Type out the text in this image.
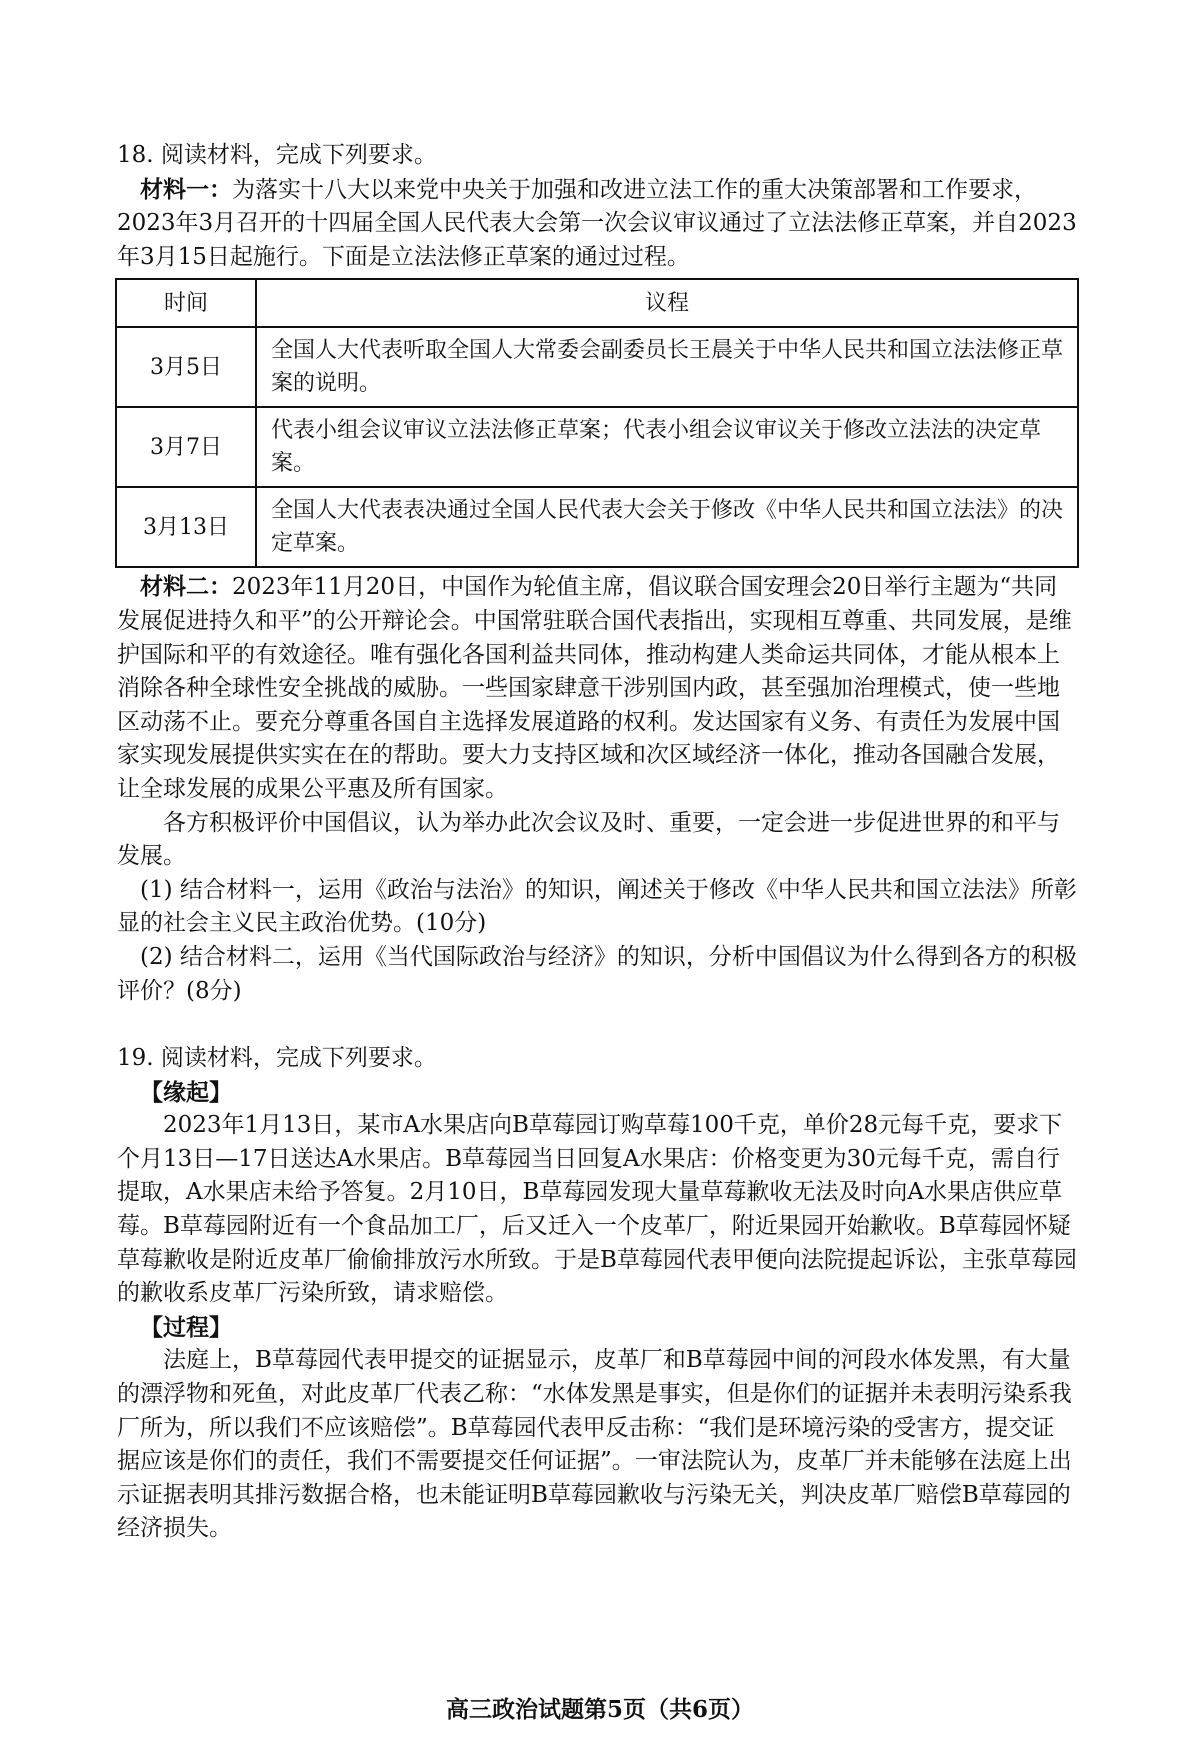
18. 阅读材料，完成下列要求。

材料一：为落实十八大以来党中央关于加强和改进立法工作的重大决策部署和工作要求，2023年3月召开的十四届全国人民代表大会第一次会议审议通过了立法法修正草案，并自2023年3月15日起施行。下面是立法法修正草案的通过过程。

时间	议程
3月5日	全国人大代表听取全国人大常委会副委员长王晨关于中华人民共和国立法法修正草案的说明。
3月7日	代表小组会议审议立法法修正草案；代表小组会议审议关于修改立法法的决定草案。
3月13日	全国人大代表表决通过全国人民代表大会关于修改《中华人民共和国立法法》的决定草案。

材料二：2023年11月20日，中国作为轮值主席，倡议联合国安理会20日举行主题为“共同发展促进持久和平”的公开辩论会。中国常驻联合国代表指出，实现相互尊重、共同发展，是维护国际和平的有效途径。唯有强化各国利益共同体，推动构建人类命运共同体，才能从根本上消除各种全球性安全挑战的威胁。一些国家肆意干涉别国内政，甚至强加治理模式，使一些地区动荡不止。要充分尊重各国自主选择发展道路的权利。发达国家有义务、有责任为发展中国家实现发展提供实实在在的帮助。要大力支持区域和次区域经济一体化，推动各国融合发展，让全球发展的成果公平惠及所有国家。

各方积极评价中国倡议，认为举办此次会议及时、重要，一定会进一步促进世界的和平与发展。

(1) 结合材料一，运用《政治与法治》的知识，阐述关于修改《中华人民共和国立法法》所彰显的社会主义民主政治优势。(10分)

(2) 结合材料二，运用《当代国际政治与经济》的知识，分析中国倡议为什么得到各方的积极评价？(8分)

19. 阅读材料，完成下列要求。

【缘起】

2023年1月13日，某市A水果店向B草莓园订购草莓100千克，单价28元每千克，要求下个月13日—17日送达A水果店。B草莓园当日回复A水果店：价格变更为30元每千克，需自行提取，A水果店未给予答复。2月10日，B草莓园发现大量草莓歉收无法及时向A水果店供应草莓。B草莓园附近有一个食品加工厂，后又迁入一个皮革厂，附近果园开始歉收。B草莓园怀疑草莓歉收是附近皮革厂偷偷排放污水所致。于是B草莓园代表甲便向法院提起诉讼，主张草莓园的歉收系皮革厂污染所致，请求赔偿。

【过程】

法庭上，B草莓园代表甲提交的证据显示，皮革厂和B草莓园中间的河段水体发黑，有大量的漂浮物和死鱼，对此皮革厂代表乙称：“水体发黑是事实，但是你们的证据并未表明污染系我厂所为，所以我们不应该赔偿”。B草莓园代表甲反击称：“我们是环境污染的受害方，提交证据应该是你们的责任，我们不需要提交任何证据”。一审法院认为，皮革厂并未能够在法庭上出示证据表明其排污数据合格，也未能证明B草莓园歉收与污染无关，判决皮革厂赔偿B草莓园的经济损失。

高三政治试题第5页（共6页）
